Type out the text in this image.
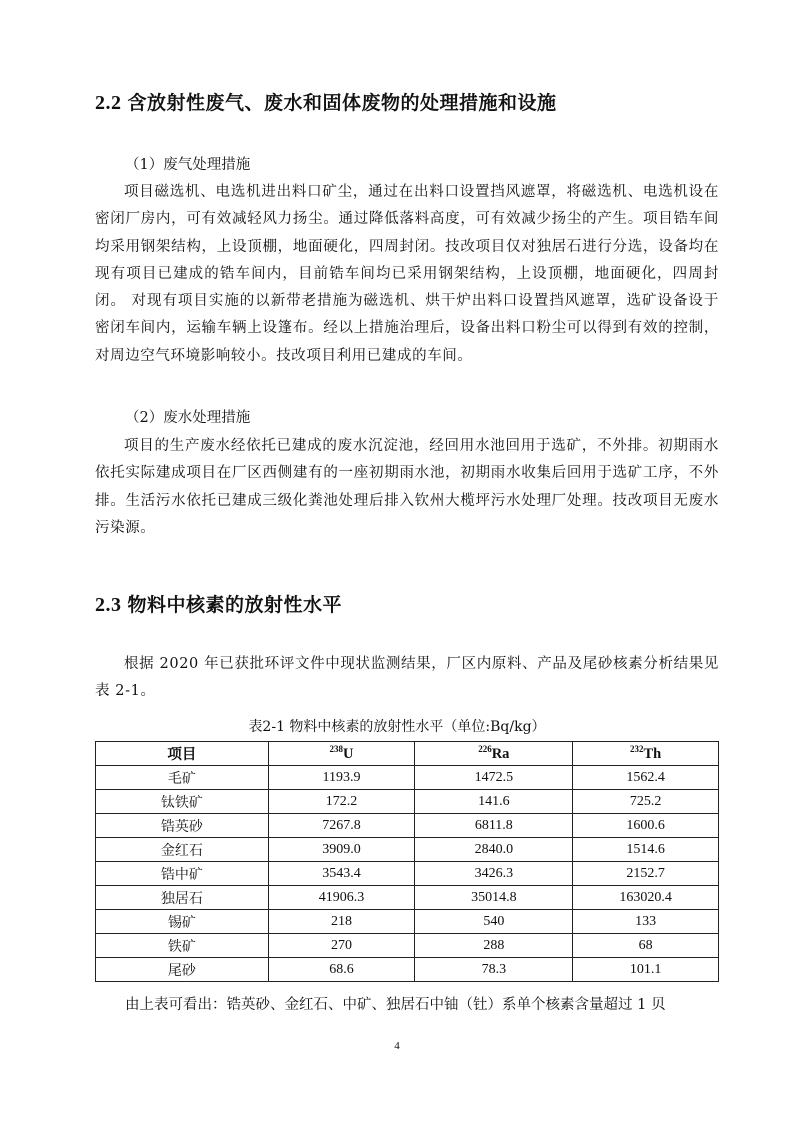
2.2 含放射性废气、废水和固体废物的处理措施和设施

（1）废气处理措施

项目磁选机、电选机进出料口矿尘，通过在出料口设置挡风遮罩，将磁选机、电选机设在密闭厂房内，可有效减轻风力扬尘。通过降低落料高度，可有效减少扬尘的产生。项目锆车间均采用钢架结构，上设顶棚，地面硬化，四周封闭。技改项目仅对独居石进行分选，设备均在现有项目已建成的锆车间内，目前锆车间均已采用钢架结构，上设顶棚，地面硬化，四周封闭。 对现有项目实施的以新带老措施为磁选机、烘干炉出料口设置挡风遮罩，选矿设备设于密闭车间内，运输车辆上设篷布。经以上措施治理后，设备出料口粉尘可以得到有效的控制，对周边空气环境影响较小。技改项目利用已建成的车间。

（2）废水处理措施

项目的生产废水经依托已建成的废水沉淀池，经回用水池回用于选矿，不外排。初期雨水依托实际建成项目在厂区西侧建有的一座初期雨水池，初期雨水收集后回用于选矿工序，不外排。生活污水依托已建成三级化粪池处理后排入钦州大榄坪污水处理厂处理。技改项目无废水污染源。

2.3 物料中核素的放射性水平

根据 2020 年已获批环评文件中现状监测结果，厂区内原料、产品及尾砂核素分析结果见表 2-1。

表2-1 物料中核素的放射性水平（单位:Bq/kg）

项目	$^{238}$U	$^{226}$Ra	$^{232}$Th
毛矿	1193.9	1472.5	1562.4
钛铁矿	172.2	141.6	725.2
锆英砂	7267.8	6811.8	1600.6
金红石	3909.0	2840.0	1514.6
锆中矿	3543.4	3426.3	2152.7
独居石	41906.3	35014.8	163020.4
锡矿	218	540	133
铁矿	270	288	68
尾砂	68.6	78.3	101.1

由上表可看出：锆英砂、金红石、中矿、独居石中铀（钍）系单个核素含量超过 1 贝

4
